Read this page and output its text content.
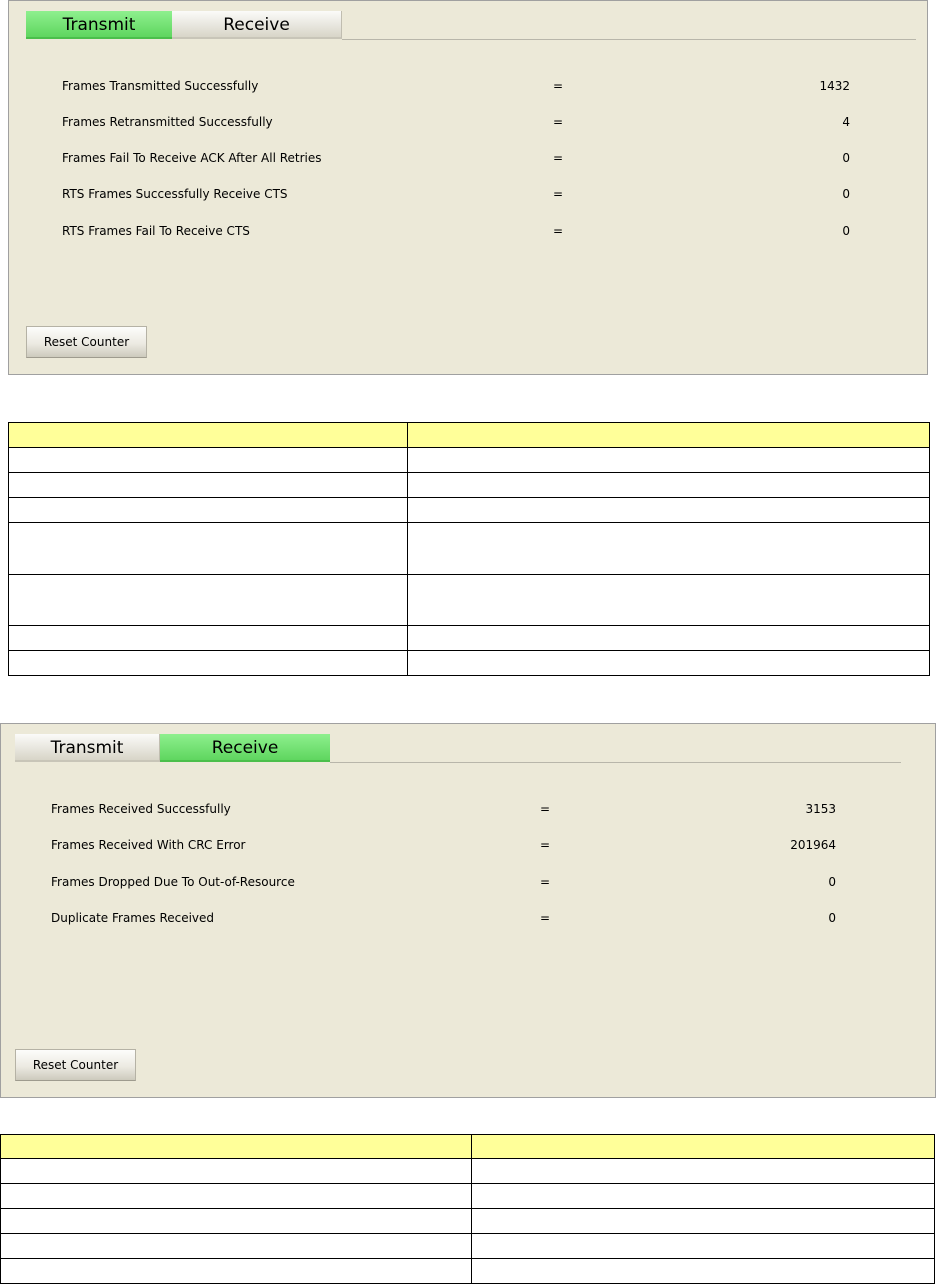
Transmit	Receive
Frames Transmitted Successfully	=	1432
Frames Retransmitted Successfully	=	4
Frames Fail To Receive ACK After All Retries	=	0
RTS Frames Successfully Receive CTS	=	0
RTS Frames Fail To Receive CTS	=	0
Reset Counter

Transmit	Receive
Frames Received Successfully	=	3153
Frames Received With CRC Error	=	201964
Frames Dropped Due To Out-of-Resource	=	0
Duplicate Frames Received	=	0
Reset Counter
